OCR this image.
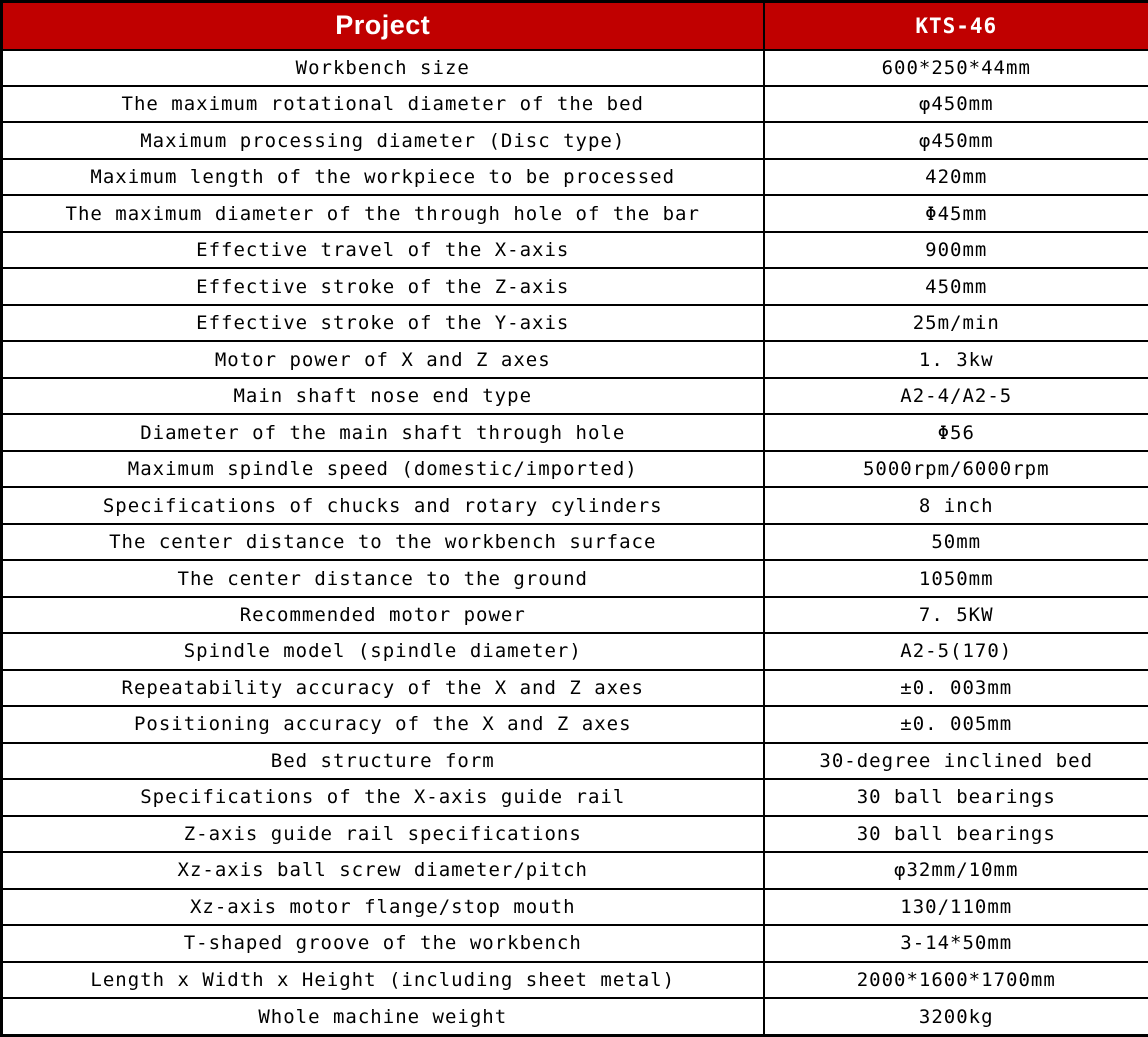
Project	KTS-46
Workbench size	600*250*44mm
The maximum rotational diameter of the bed	φ450mm
Maximum processing diameter (Disc type)	φ450mm
Maximum length of the workpiece to be processed	420mm
The maximum diameter of the through hole of the bar	Φ45mm
Effective travel of the X-axis	900mm
Effective stroke of the Z-axis	450mm
Effective stroke of the Y-axis	25m/min
Motor power of X and Z axes	1. 3kw
Main shaft nose end type	A2-4/A2-5
Diameter of the main shaft through hole	Φ56
Maximum spindle speed (domestic/imported)	5000rpm/6000rpm
Specifications of chucks and rotary cylinders	8 inch
The center distance to the workbench surface	50mm
The center distance to the ground	1050mm
Recommended motor power	7. 5KW
Spindle model (spindle diameter)	A2-5(170)
Repeatability accuracy of the X and Z axes	±0. 003mm
Positioning accuracy of the X and Z axes	±0. 005mm
Bed structure form	30-degree inclined bed
Specifications of the X-axis guide rail	30 ball bearings
Z-axis guide rail specifications	30 ball bearings
Xz-axis ball screw diameter/pitch	φ32mm/10mm
Xz-axis motor flange/stop mouth	130/110mm
T-shaped groove of the workbench	3-14*50mm
Length x Width x Height (including sheet metal)	2000*1600*1700mm
Whole machine weight	3200kg
